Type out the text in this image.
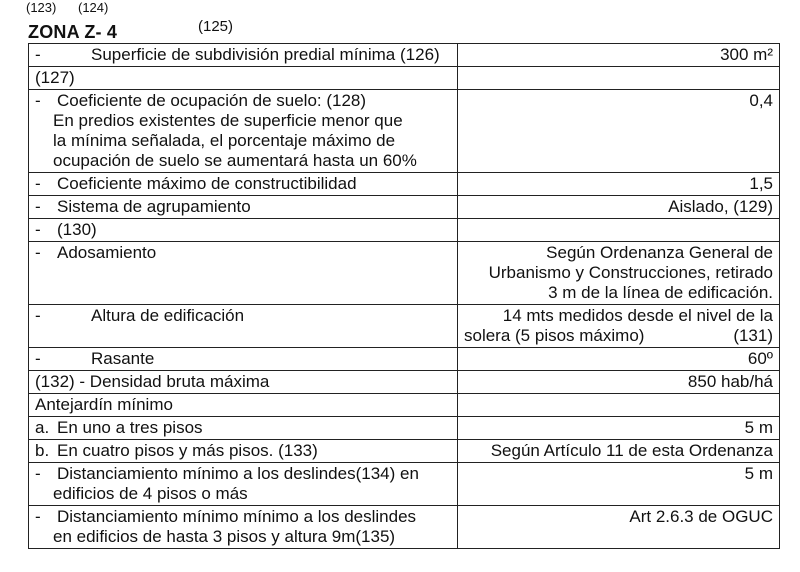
(123) (124)
ZONA Z- 4	(125)
- Superficie de subdivisión predial mínima (126)	300 m²
(127)	
- Coeficiente de ocupación de suelo: (128)
En predios existentes de superficie menor que
la mínima señalada, el porcentaje máximo de
ocupación de suelo se aumentará hasta un 60%	0,4
- Coeficiente máximo de constructibilidad	1,5
- Sistema de agrupamiento	Aislado, (129)
- (130)	
- Adosamiento	Según Ordenanza General de
Urbanismo y Construcciones, retirado
3 m de la línea de edificación.

- Altura de edificación	14 mts medidos desde el nivel de la
solera (5 pisos máximo) (131)

- Rasante	60º
(132) - Densidad bruta máxima	850 hab/há
Antejardín mínimo	
a. En uno a tres pisos	5 m
b. En cuatro pisos y más pisos. (133)	Según Artículo 11 de esta Ordenanza
- Distanciamiento mínimo a los deslindes(134) en
edificios de 4 pisos o más	5 m
- Distanciamiento mínimo mínimo a los deslindes
en edificios de hasta 3 pisos y altura 9m(135)	Art 2.6.3 de OGUC
